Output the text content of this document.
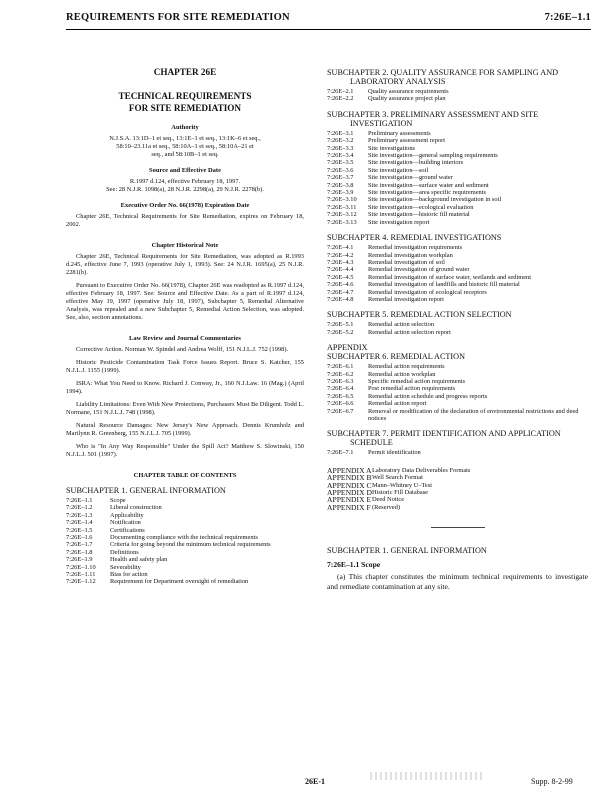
REQUIREMENTS FOR SITE REMEDIATION	7:26E–1.1
CHAPTER 26E
TECHNICAL REQUIREMENTS
FOR SITE REMEDIATION
Authority
N.J.S.A. 13:1D–1 et seq., 13:1E–1 et seq., 13:1K–6 et seq.,
58:10–23.11a et seq., 58:10A–1 et seq., 58:10A–21 et
seq., and 58:10B–1 et seq.
Source and Effective Date
R.1997 d.124, effective February 18, 1997.
See: 28 N.J.R. 1098(a), 28 N.J.R. 2298(a), 29 N.J.R. 2278(b).
Executive Order No. 66(1978) Expiration Date
Chapter 26E, Technical Requirements for Site Remediation, expires on February 18, 2002.
Chapter Historical Note
Chapter 26E, Technical Requirements for Site Remediation, was adopted as R.1993 d.245, effective June 7, 1993 (operative July 1, 1993). See: 24 N.J.R. 1695(a), 25 N.J.R. 2281(b).
Pursuant to Executive Order No. 66(1978), Chapter 26E was readopted as R.1997 d.124, effective February 18, 1997. See: Source and Effective Date. As a part of R.1997 d.124, effective May 19, 1997 (operative July 18, 1997), Subchapter 5, Remedial Alternative Analysis, was repealed and a new Subchapter 5, Remedial Action Selection, was adopted. See, also, section annotations.
Law Review and Journal Commentaries
Corrective Action. Norman W. Spindel and Andrea Wolff, 151 N.J.L.J. 752 (1998).
Historic Pesticide Contamination Task Force Issues Report. Bruce S. Katcher, 155 N.J.L.J. 1155 (1999).
ISRA: What You Need to Know. Richard J. Conway, Jr., 160 N.J.Law. 16 (Mag.) (April 1994).
Liability Limitations: Even With New Protections, Purchasers Must Be Diligent. Todd L. Normane, 151 N.J.L.J. 748 (1998).
Natural Resource Damages: New Jersey's New Approach. Dennis Krumholz and Marilynn R. Greenberg, 155 N.J.L.J. 705 (1999).
Who is "In Any Way Responsible" Under the Spill Act? Matthew S. Slowinski, 150 N.J.L.J. 501 (1997).
CHAPTER TABLE OF CONTENTS
SUBCHAPTER 1. GENERAL INFORMATION
7:26E–1.1	Scope
7:26E–1.2	Liberal construction
7:26E–1.3	Applicability
7:26E–1.4	Notification
7:26E–1.5	Certifications
7:26E–1.6	Documenting compliance with the technical requirements
7:26E–1.7	Criteria for going beyond the minimum technical requirements
7:26E–1.8	Definitions
7:26E–1.9	Health and safety plan
7:26E–1.10	Severability
7:26E–1.11	Bias for action
7:26E–1.12	Requirement for Department oversight of remediation
SUBCHAPTER 2. QUALITY ASSURANCE FOR SAMPLING AND LABORATORY ANALYSIS
7:26E–2.1	Quality assurance requirements
7:26E–2.2	Quality assurance project plan
SUBCHAPTER 3. PRELIMINARY ASSESSMENT AND SITE INVESTIGATION
7:26E–3.1	Preliminary assessments
7:26E–3.2	Preliminary assessment report
7:26E–3.3	Site investigations
7:26E–3.4	Site investigation—general sampling requirements
7:26E–3.5	Site investigation—building interiors
7:26E–3.6	Site investigation—soil
7:26E–3.7	Site investigation—ground water
7:26E–3.8	Site investigation—surface water and sediment
7:26E–3.9	Site investigation—area specific requirements
7:26E–3.10	Site investigation—background investigation in soil
7:26E–3.11	Site investigation—ecological evaluation
7:26E–3.12	Site investigation—historic fill material
7:26E–3.13	Site investigation report
SUBCHAPTER 4. REMEDIAL INVESTIGATIONS
7:26E–4.1	Remedial investigation requirements
7:26E–4.2	Remedial investigation workplan
7:26E–4.3	Remedial investigation of soil
7:26E–4.4	Remedial investigation of ground water
7:26E–4.5	Remedial investigation of surface water, wetlands and sediment
7:26E–4.6	Remedial investigation of landfills and historic fill material
7:26E–4.7	Remedial investigation of ecological receptors
7:26E–4.8	Remedial investigation report
SUBCHAPTER 5. REMEDIAL ACTION SELECTION
7:26E–5.1	Remedial action selection
7:26E–5.2	Remedial action selection report
APPENDIX
SUBCHAPTER 6. REMEDIAL ACTION
7:26E–6.1	Remedial action requirements
7:26E–6.2	Remedial action workplan
7:26E–6.3	Specific remedial action requirements
7:26E–6.4	Post remedial action requirements
7:26E–6.5	Remedial action schedule and progress reports
7:26E–6.6	Remedial action report
7:26E–6.7	Removal or modification of the declaration of environmental restrictions and deed notices
SUBCHAPTER 7. PERMIT IDENTIFICATION AND APPLICATION SCHEDULE
7:26E–7.1	Permit identification
APPENDIX A	Laboratory Data Deliverables Formats
APPENDIX B	Well Search Format
APPENDIX C	Mann–Whitney U–Test
APPENDIX D	Historic Fill Database
APPENDIX E	Deed Notice
APPENDIX F	(Reserved)
SUBCHAPTER 1. GENERAL INFORMATION
7:26E–1.1 Scope
(a) This chapter constitutes the minimum technical requirements to investigate and remediate contamination at any site.
26E-1	Supp. 8-2-99
